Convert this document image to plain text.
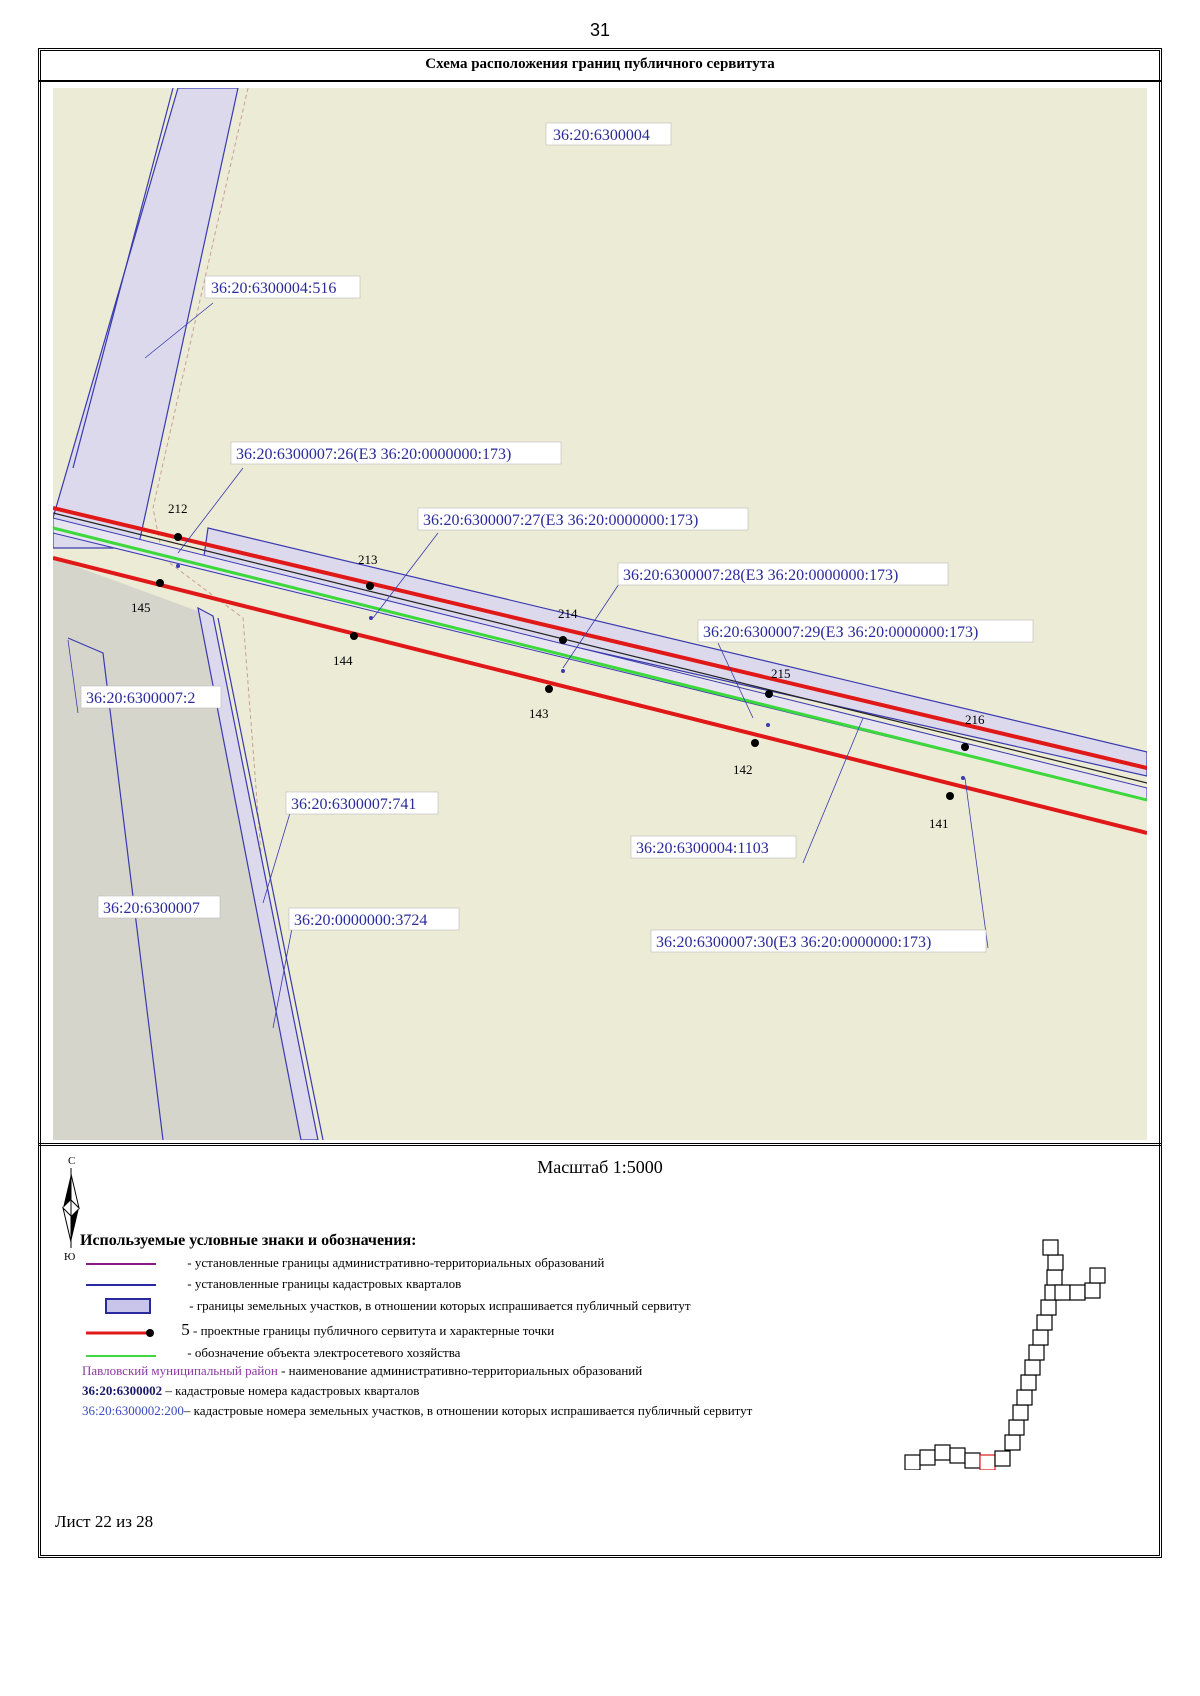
31
Схема расположения границ публичного сервитута
212
213
214
215
216
145
144
143
142
141
36:20:6300004
36:20:6300004:516
36:20:6300007:26(ЕЗ 36:20:0000000:173)
36:20:6300007:27(ЕЗ 36:20:0000000:173)
36:20:6300007:28(ЕЗ 36:20:0000000:173)
36:20:6300007:29(ЕЗ 36:20:0000000:173)
36:20:6300007:2
36:20:6300007:741
36:20:6300004:1103
36:20:6300007
36:20:0000000:3724
36:20:6300007:30(ЕЗ 36:20:0000000:173)
С
Ю
Масштаб 1:5000
Используемые условные знаки и обозначения:
- установленные границы административно-территориальных образований
- установленные границы кадастровых кварталов
- границы земельных участков, в отношении которых испрашивается публичный сервитут
5 - проектные границы публичного сервитута и характерные точки
- обозначение объекта электросетевого хозяйства
Павловский муниципальный район - наименование административно-территориальных образований
36:20:6300002 – кадастровые номера кадастровых кварталов
36:20:6300002:200– кадастровые номера земельных участков, в отношении которых испрашивается публичный сервитут
Лист 22 из 28
